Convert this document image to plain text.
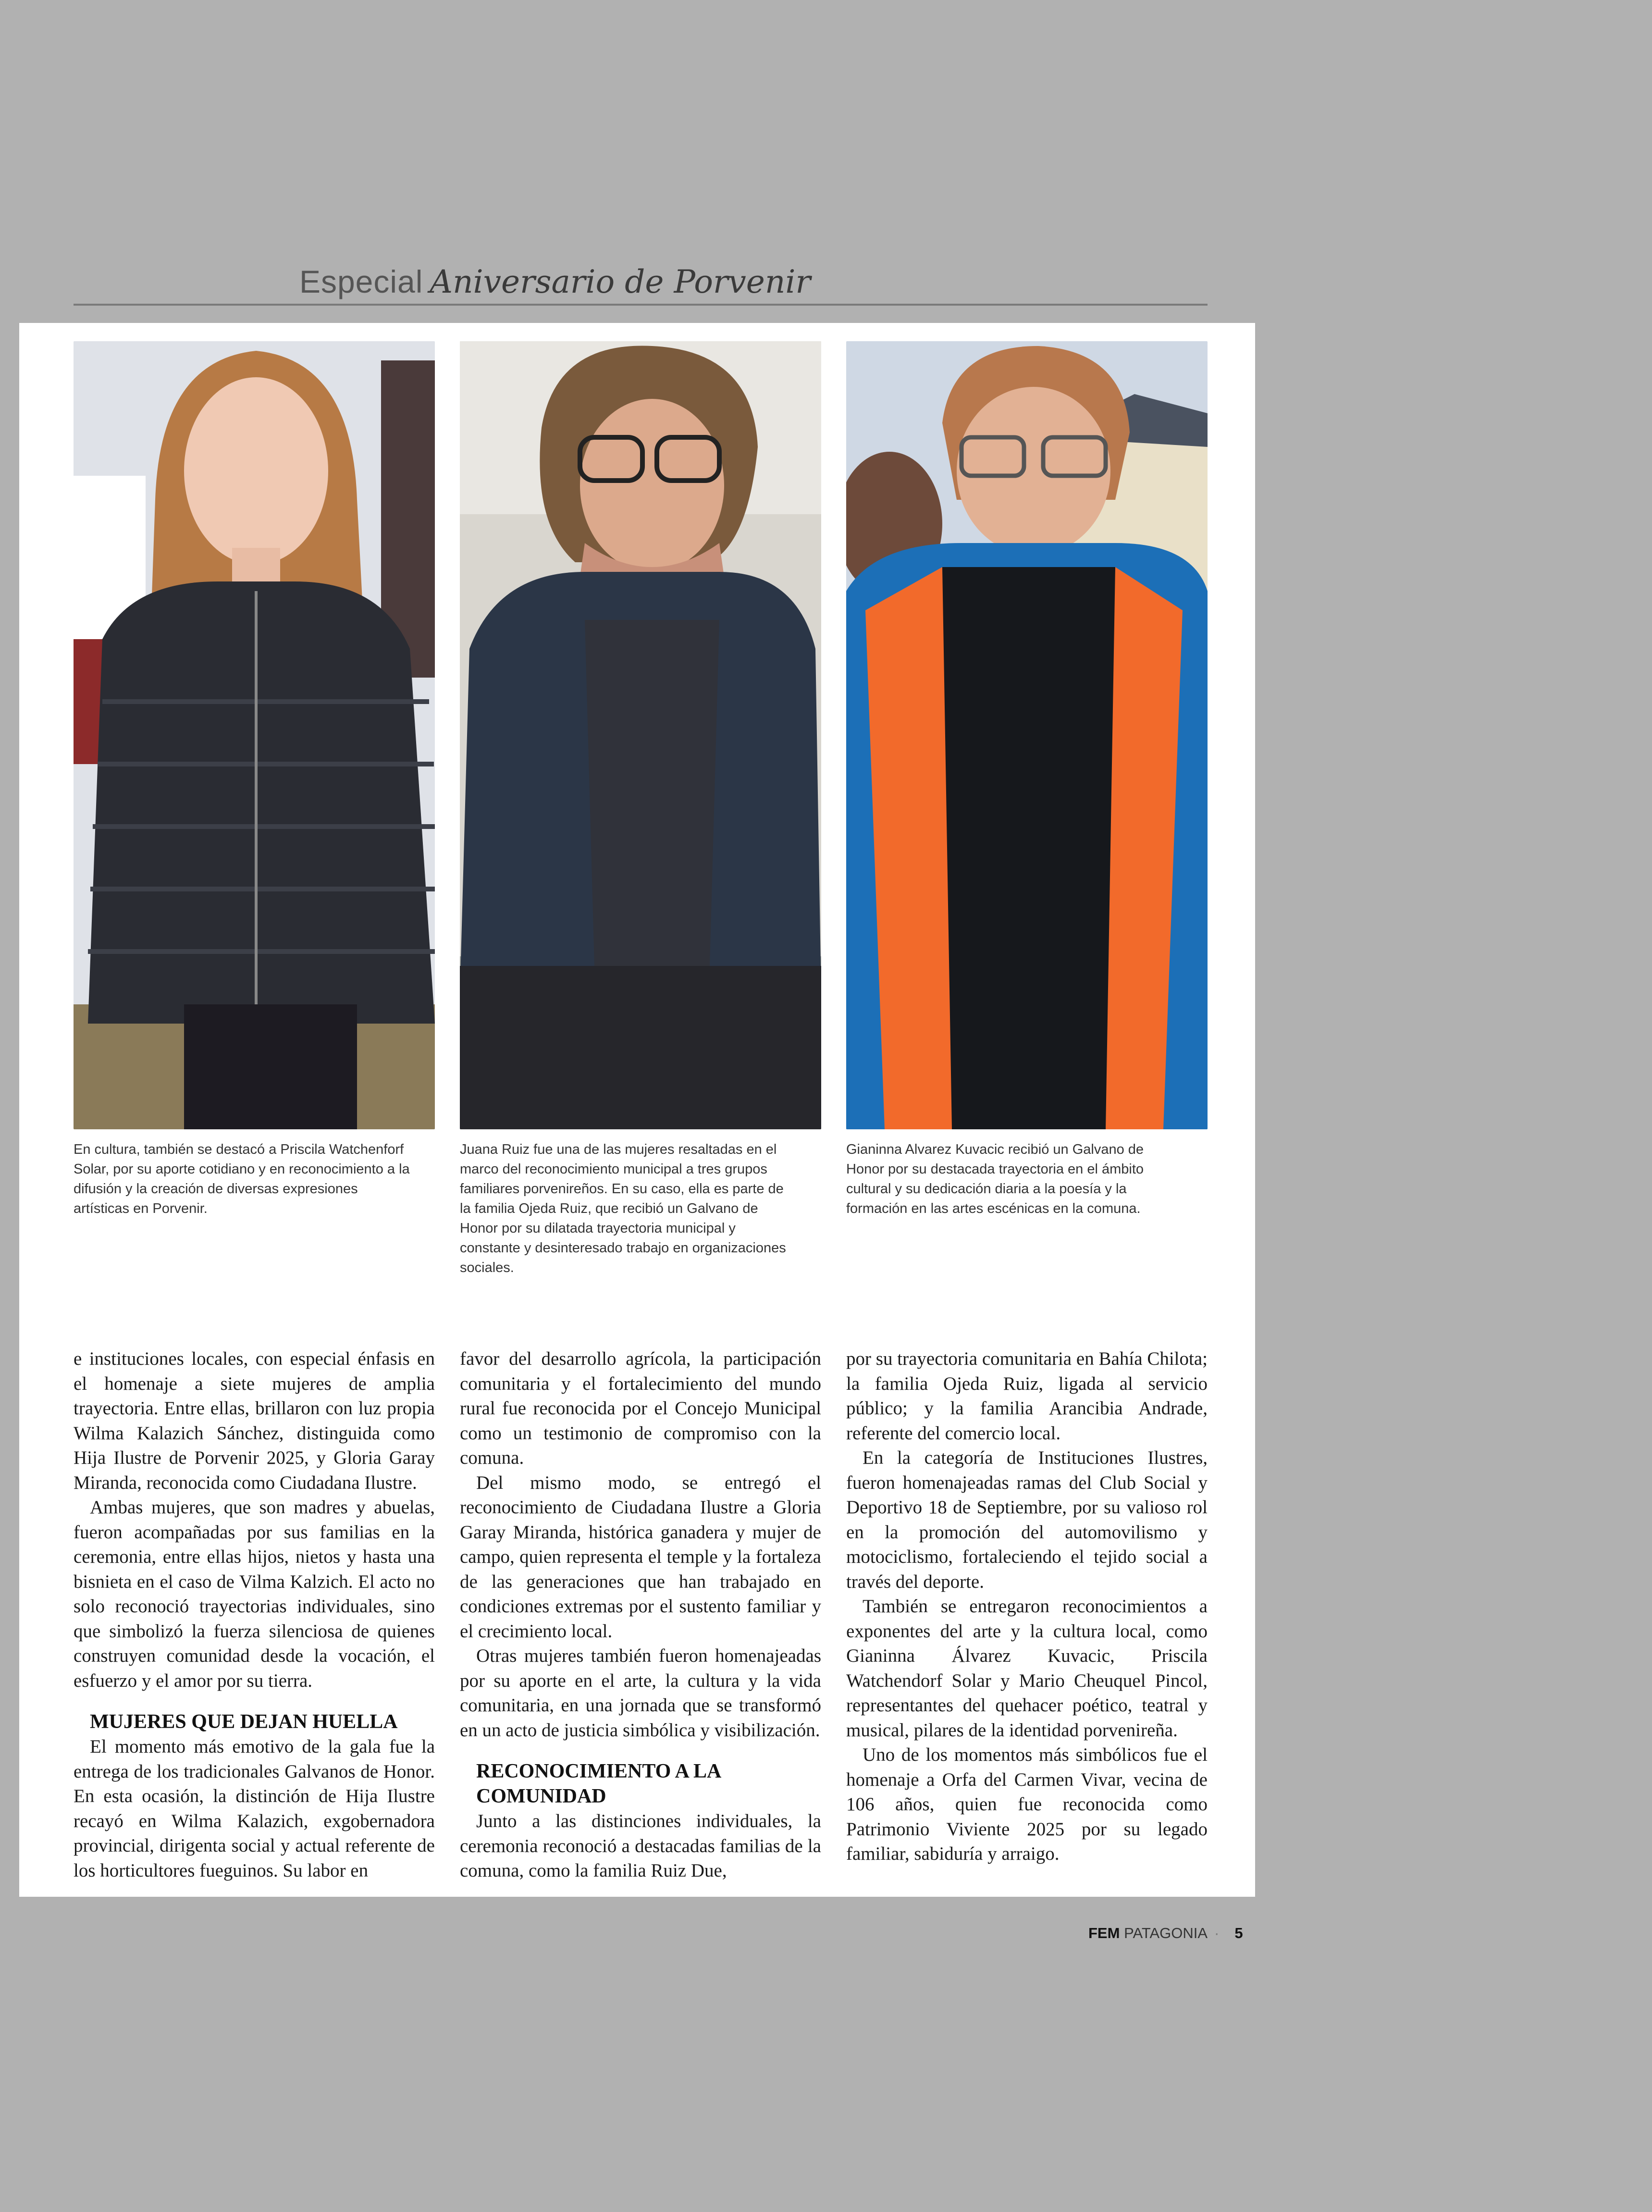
Especial Aniversario de Porvenir
En cultura, también se destacó a Priscila Watchenforf Solar, por su aporte cotidiano y en reconocimiento a la difusión y la creación de diversas expresiones artísticas en Porvenir.
Juana Ruiz fue una de las mujeres resaltadas en el marco del reconocimiento municipal a tres grupos familiares porvenireños. En su caso, ella es parte de la familia Ojeda Ruiz, que recibió un Galvano de Honor por su dilatada trayectoria municipal y constante y desinteresado trabajo en organizaciones sociales.
Gianinna Alvarez Kuvacic recibió un Galvano de Honor por su destacada trayectoria en el ámbito cultural y su dedicación diaria a la poesía y la formación en las artes escénicas en la comuna.

e instituciones locales, con especial énfasis en el homenaje a siete mujeres de amplia trayectoria. Entre ellas, brillaron con luz propia Wilma Kalazich Sánchez, distinguida como Hija Ilustre de Porvenir 2025, y Gloria Garay Miranda, reconocida como Ciudadana Ilustre.

Ambas mujeres, que son madres y abuelas, fueron acompañadas por sus familias en la ceremonia, entre ellas hijos, nietos y hasta una bisnieta en el caso de Vilma Kalzich. El acto no solo reconoció trayectorias individuales, sino que simbolizó la fuerza silenciosa de quienes construyen comunidad desde la vocación, el esfuerzo y el amor por su tierra.

MUJERES QUE DEJAN HUELLA

El momento más emotivo de la gala fue la entrega de los tradicionales Galvanos de Honor. En esta ocasión, la distinción de Hija Ilustre recayó en Wilma Kalazich, exgobernadora provincial, dirigenta social y actual referente de los horticultores fueguinos. Su labor en

favor del desarrollo agrícola, la participación comunitaria y el fortalecimiento del mundo rural fue reconocida por el Concejo Municipal como un testimonio de compromiso con la comuna.

Del mismo modo, se entregó el reconocimiento de Ciudadana Ilustre a Gloria Garay Miranda, histórica ganadera y mujer de campo, quien representa el temple y la fortaleza de las generaciones que han trabajado en condiciones extremas por el sustento familiar y el crecimiento local.

Otras mujeres también fueron homenajeadas por su aporte en el arte, la cultura y la vida comunitaria, en una jornada que se transformó en un acto de justicia simbólica y visibilización.

RECONOCIMIENTO A LA COMUNIDAD

Junto a las distinciones individuales, la ceremonia reconoció a destacadas familias de la comuna, como la familia Ruiz Due,

por su trayectoria comunitaria en Bahía Chilota; la familia Ojeda Ruiz, ligada al servicio público; y la familia Arancibia Andrade, referente del comercio local.

En la categoría de Instituciones Ilustres, fueron homenajeadas ramas del Club Social y Deportivo 18 de Septiembre, por su valioso rol en la promoción del automovilismo y motociclismo, fortaleciendo el tejido social a través del deporte.

También se entregaron reconocimientos a exponentes del arte y la cultura local, como Gianinna Álvarez Kuvacic, Priscila Watchendorf Solar y Mario Cheuquel Pincol, representantes del quehacer poético, teatral y musical, pilares de la identidad porvenireña.

Uno de los momentos más simbólicos fue el homenaje a Orfa del Carmen Vivar, vecina de 106 años, quien fue reconocida como Patrimonio Viviente 2025 por su legado familiar, sabiduría y arraigo.

FEM PATAGONIA · 5
